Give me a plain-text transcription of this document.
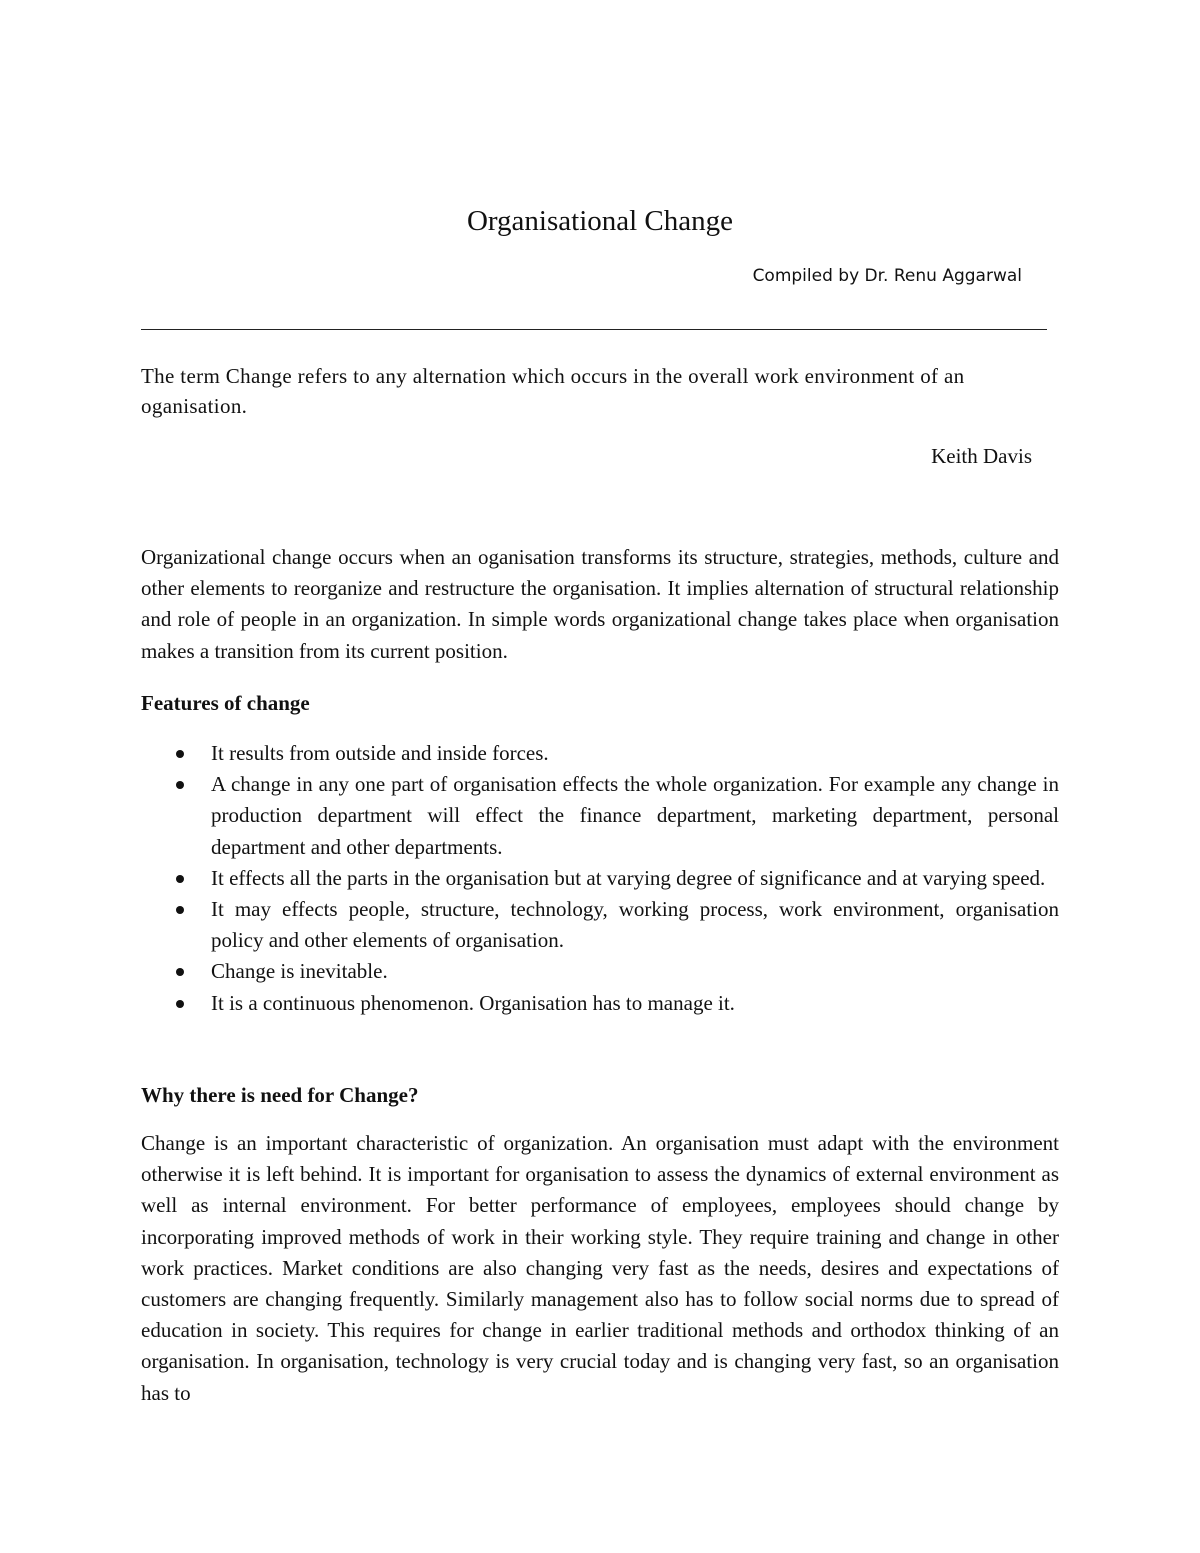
Organisational Change
Compiled by Dr. Renu Aggarwal
The term Change refers to any alternation which occurs in the overall work environment of an oganisation.
Keith Davis
Organizational change occurs when an oganisation transforms its structure, strategies, methods, culture and other elements to reorganize and restructure the organisation. It implies alternation of structural relationship and role of people in an organization. In simple words organizational change takes place when organisation makes a transition from its current position.
Features of change
It results from outside and inside forces.
A change in any one part of organisation effects the whole organization. For example any change in production department will effect the finance department, marketing department, personal department and other departments.
It effects all the parts in the organisation but at varying degree of significance and at varying speed.
It may effects people, structure, technology, working process, work environment, organisation policy and other elements of organisation.
Change is inevitable.
It is a continuous phenomenon. Organisation has to manage it.
Why there is need for Change?
Change is an important characteristic of organization. An organisation must adapt with the environment otherwise it is left behind. It is important for organisation to assess the dynamics of external environment as well as internal environment. For better performance of employees, employees should change by incorporating improved methods of work in their working style. They require training and change in other work practices. Market conditions are also changing very fast as the needs, desires and expectations of customers are changing frequently. Similarly management also has to follow social norms due to spread of education in society. This requires for change in earlier traditional methods and orthodox thinking of an organisation. In organisation, technology is very crucial today and is changing very fast, so an organisation has to
